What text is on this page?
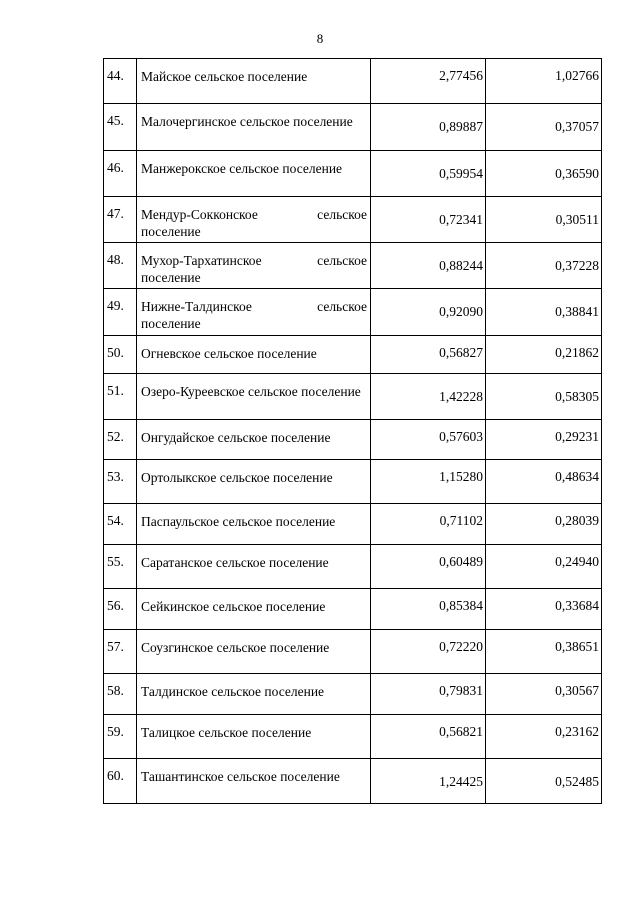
8
44.	Майское сельское поселение	2,77456	1,02766
45.	Малочергинское сельское поселение	0,89887	0,37057
46.	Манжерокское сельское поселение	0,59954	0,36590
47.	Мендур-Сокконское сельское поселение	0,72341	0,30511
48.	Мухор-Тархатинское сельское поселение	0,88244	0,37228
49.	Нижне-Талдинское сельское поселение	0,92090	0,38841
50.	Огневское сельское поселение	0,56827	0,21862
51.	Озеро-Куреевское сельское поселение	1,42228	0,58305
52.	Онгудайское сельское поселение	0,57603	0,29231
53.	Ортолыкское сельское поселение	1,15280	0,48634
54.	Паспаульское сельское поселение	0,71102	0,28039
55.	Саратанское сельское поселение	0,60489	0,24940
56.	Сейкинское сельское поселение	0,85384	0,33684
57.	Соузгинское сельское поселение	0,72220	0,38651
58.	Талдинское сельское поселение	0,79831	0,30567
59.	Талицкое сельское поселение	0,56821	0,23162
60.	Ташантинское сельское поселение	1,24425	0,52485
